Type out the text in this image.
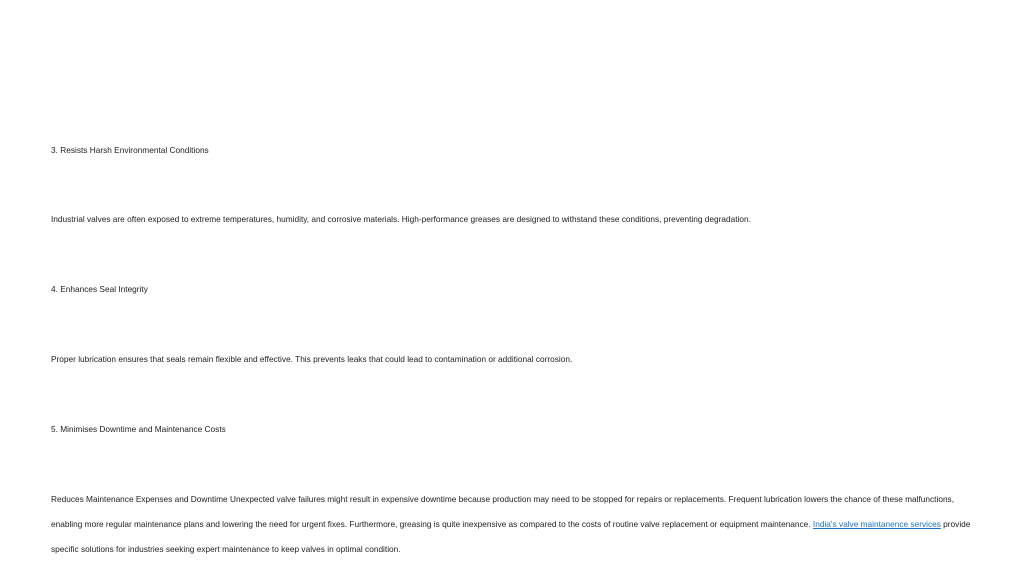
3. Resists Harsh Environmental Conditions

Industrial valves are often exposed to extreme temperatures, humidity, and corrosive materials. High-performance greases are designed to withstand these conditions, preventing degradation.

4. Enhances Seal Integrity

Proper lubrication ensures that seals remain flexible and effective. This prevents leaks that could lead to contamination or additional corrosion.

5. Minimises Downtime and Maintenance Costs

Reduces Maintenance Expenses and Downtime Unexpected valve failures might result in expensive downtime because production may need to be stopped for repairs or replacements. Frequent lubrication lowers the chance of these malfunctions, enabling more regular maintenance plans and lowering the need for urgent fixes. Furthermore, greasing is quite inexpensive as compared to the costs of routine valve replacement or equipment maintenance. India's valve maintanence services provide specific solutions for industries seeking expert maintenance to keep valves in optimal condition.
